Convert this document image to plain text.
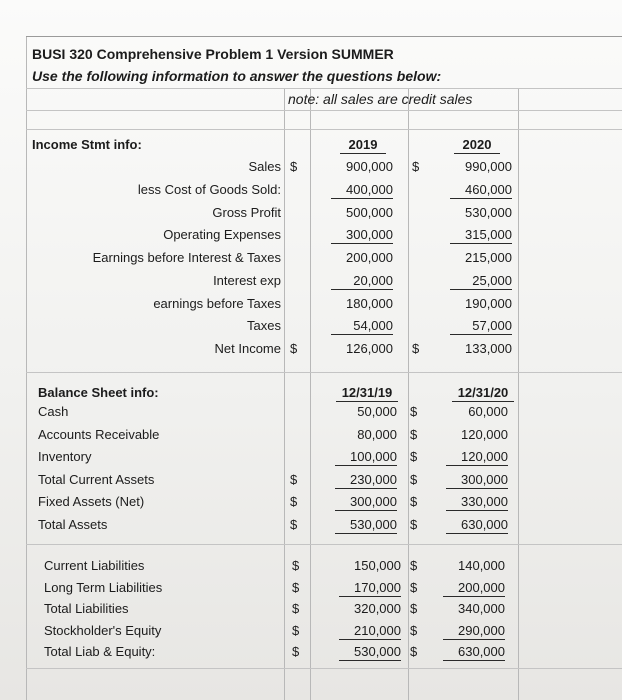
BUSI 320 Comprehensive Problem 1 Version SUMMER
Use the following information to answer the questions below:
note: all sales are credit sales
Income Stmt info:	2019	2020
Sales $	900,000 $	990,000
less Cost of Goods Sold:	400,000	460,000
Gross Profit	500,000	530,000
Operating Expenses	300,000	315,000
Earnings before Interest & Taxes	200,000	215,000
Interest exp	20,000	25,000
earnings before Taxes	180,000	190,000
Taxes	54,000	57,000
Net Income $	126,000 $	133,000
Balance Sheet info:	12/31/19	12/31/20
Cash	50,000 $	60,000
Accounts Receivable	80,000 $	120,000
Inventory	100,000 $	120,000
Total Current Assets	$	230,000 $	300,000
Fixed Assets (Net)	$	300,000 $	330,000
Total Assets	$	530,000 $	630,000
Current Liabilities	$	150,000 $	140,000
Long Term Liabilities	$	170,000 $	200,000
Total Liabilities	$	320,000 $	340,000
Stockholder's Equity	$	210,000 $	290,000
Total Liab & Equity:	$	530,000 $	630,000
